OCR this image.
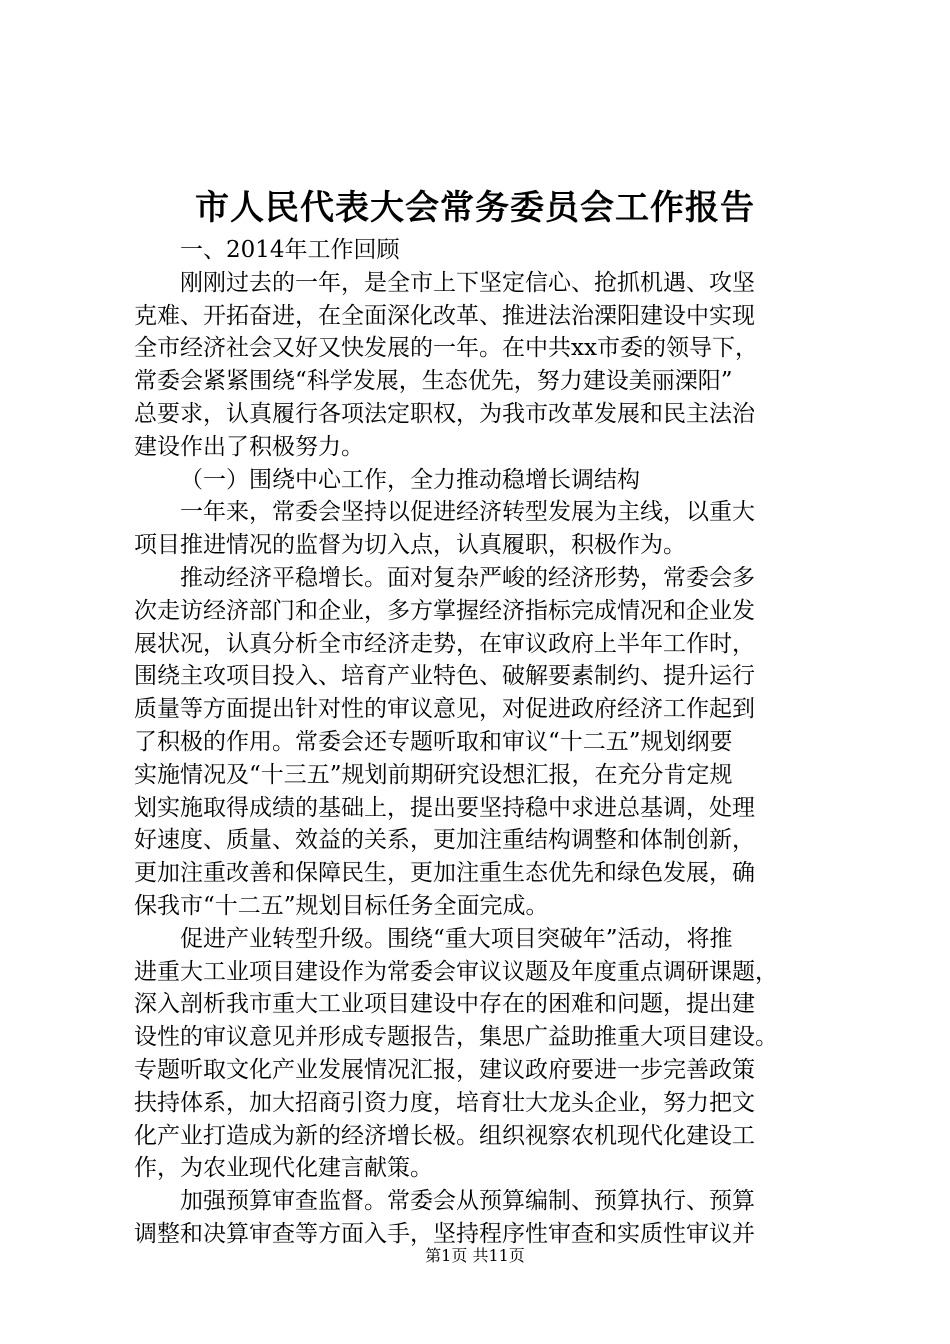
市人民代表大会常务委员会工作报告
一、2014年工作回顾
刚刚过去的一年，是全市上下坚定信心、抢抓机遇、攻坚
克难、开拓奋进，在全面深化改革、推进法治溧阳建设中实现
全市经济社会又好又快发展的一年。在中共xx市委的领导下，
常委会紧紧围绕“科学发展，生态优先，努力建设美丽溧阳”
总要求，认真履行各项法定职权，为我市改革发展和民主法治
建设作出了积极努力。
（一）围绕中心工作，全力推动稳增长调结构
一年来，常委会坚持以促进经济转型发展为主线，以重大
项目推进情况的监督为切入点，认真履职，积极作为。
推动经济平稳增长。面对复杂严峻的经济形势，常委会多
次走访经济部门和企业，多方掌握经济指标完成情况和企业发
展状况，认真分析全市经济走势，在审议政府上半年工作时，
围绕主攻项目投入、培育产业特色、破解要素制约、提升运行
质量等方面提出针对性的审议意见，对促进政府经济工作起到
了积极的作用。常委会还专题听取和审议“十二五”规划纲要
实施情况及“十三五”规划前期研究设想汇报，在充分肯定规
划实施取得成绩的基础上，提出要坚持稳中求进总基调，处理
好速度、质量、效益的关系，更加注重结构调整和体制创新，
更加注重改善和保障民生，更加注重生态优先和绿色发展，确
保我市“十二五”规划目标任务全面完成。
促进产业转型升级。围绕“重大项目突破年”活动，将推
进重大工业项目建设作为常委会审议议题及年度重点调研课题，
深入剖析我市重大工业项目建设中存在的困难和问题，提出建
设性的审议意见并形成专题报告，集思广益助推重大项目建设。
专题听取文化产业发展情况汇报，建议政府要进一步完善政策
扶持体系，加大招商引资力度，培育壮大龙头企业，努力把文
化产业打造成为新的经济增长极。组织视察农机现代化建设工
作，为农业现代化建言献策。
加强预算审查监督。常委会从预算编制、预算执行、预算
调整和决算审查等方面入手，坚持程序性审查和实质性审议并
第1页 共11页
